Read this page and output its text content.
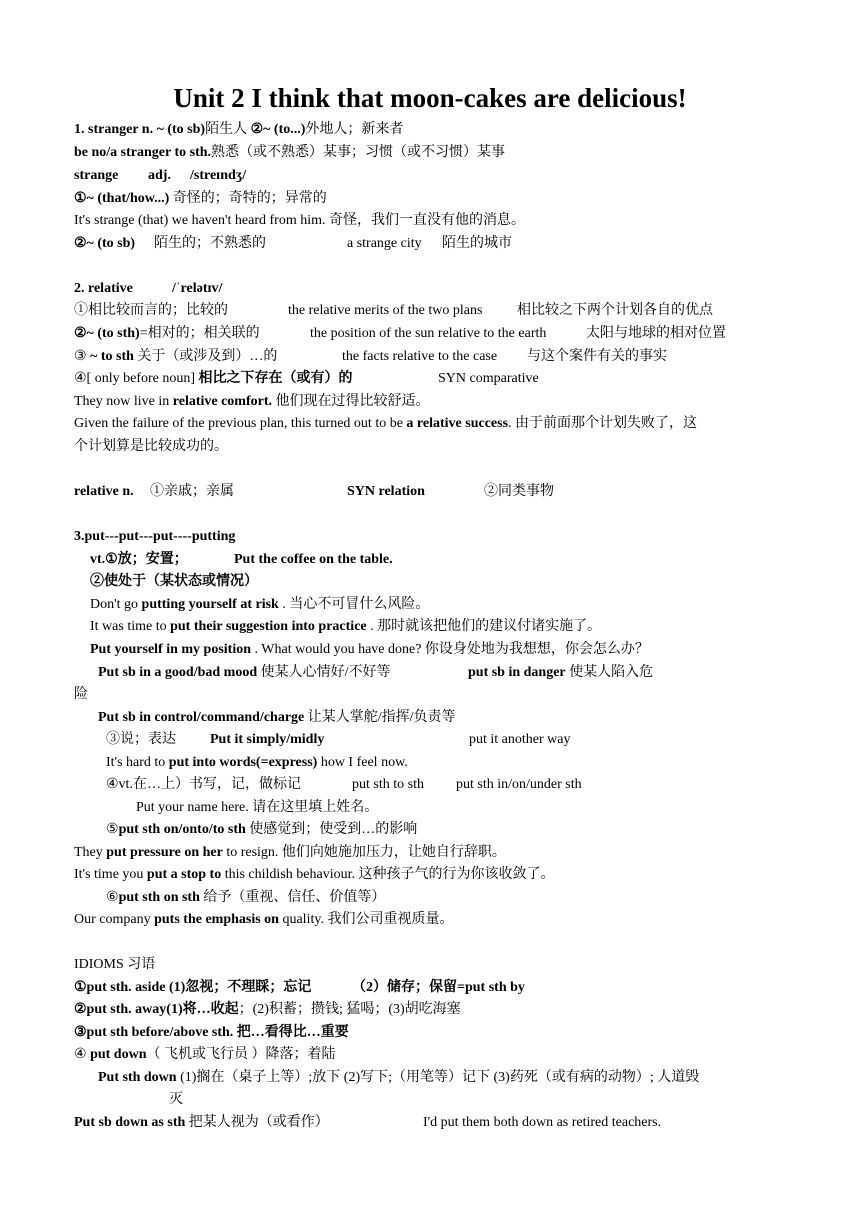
Unit 2 I think that moon-cakes are delicious!
1. stranger n. ~ (to sb)陌生人 ②~ (to...)外地人；新来者
be no/a stranger to sth.熟悉（或不熟悉）某事；习惯（或不习惯）某事
strange adj. /streɪndʒ/
①~ (that/how...) 奇怪的；奇特的；异常的
It's strange (that) we haven't heard from him. 奇怪，我们一直没有他的消息。
②~ (to sb) 陌生的；不熟悉的	a strange city 陌生的城市
2. relative	/ˈrelətɪv/
①相比较而言的；比较的	the relative merits of the two plans 相比较之下两个计划各自的优点
②~ (to sth)=相对的；相关联的	the position of the sun relative to the earth	太阳与地球的相对位置
③ ~ to sth 关于（或涉及到）…的	the facts relative to the case 与这个案件有关的事实
④[ only before noun] 相比之下存在（或有）的	SYN comparative
They now live in relative comfort. 他们现在过得比较舒适。
Given the failure of the previous plan, this turned out to be a relative success. 由于前面那个计划失败了，这
个计划算是比较成功的。
relative n. ①亲戚；亲属	SYN relation	②同类事物
3.put---put---put----putting
vt.①放；安置；	Put the coffee on the table.
②使处于（某状态或情况）
Don't go putting yourself at risk . 当心不可冒什么风险。
It was time to put their suggestion into practice . 那时就该把他们的建议付诸实施了。
Put yourself in my position . What would you have done? 你设身处地为我想想，你会怎么办？
Put sb in a good/bad mood 使某人心情好/不好等	put sb in danger 使某人陷入危
险
Put sb in control/command/charge 让某人掌舵/指挥/负责等
③说；表达 Put it simply/midly	put it another way
It's hard to put into words(=express) how I feel now.
④vt.在…上）书写，记，做标记	put sth to sth put sth in/on/under sth
Put your name here. 请在这里填上姓名。
⑤put sth on/onto/to sth 使感觉到；使受到…的影响
They put pressure on her to resign. 他们向她施加压力，让她自行辞职。
It's time you put a stop to this childish behaviour. 这种孩子气的行为你该收敛了。
⑥put sth on sth 给予（重视、信任、价值等）
Our company puts the emphasis on quality. 我们公司重视质量。
IDIOMS 习语
①put sth. aside (1)忽视；不理睬；忘记	（2）储存；保留=put sth by
②put sth. away(1)将…收起；(2)积蓄；攒钱; 猛喝；(3)胡吃海塞
③put sth before/above sth. 把…看得比…重要
④ put down（ 飞机或飞行员 ）降落；着陆
Put sth down (1)搁在（桌子上等）;放下 (2)写下;（用笔等）记下 (3)药死（或有病的动物）; 人道毁
灭
Put sb down as sth 把某人视为（或看作）	I'd put them both down as retired teachers.
